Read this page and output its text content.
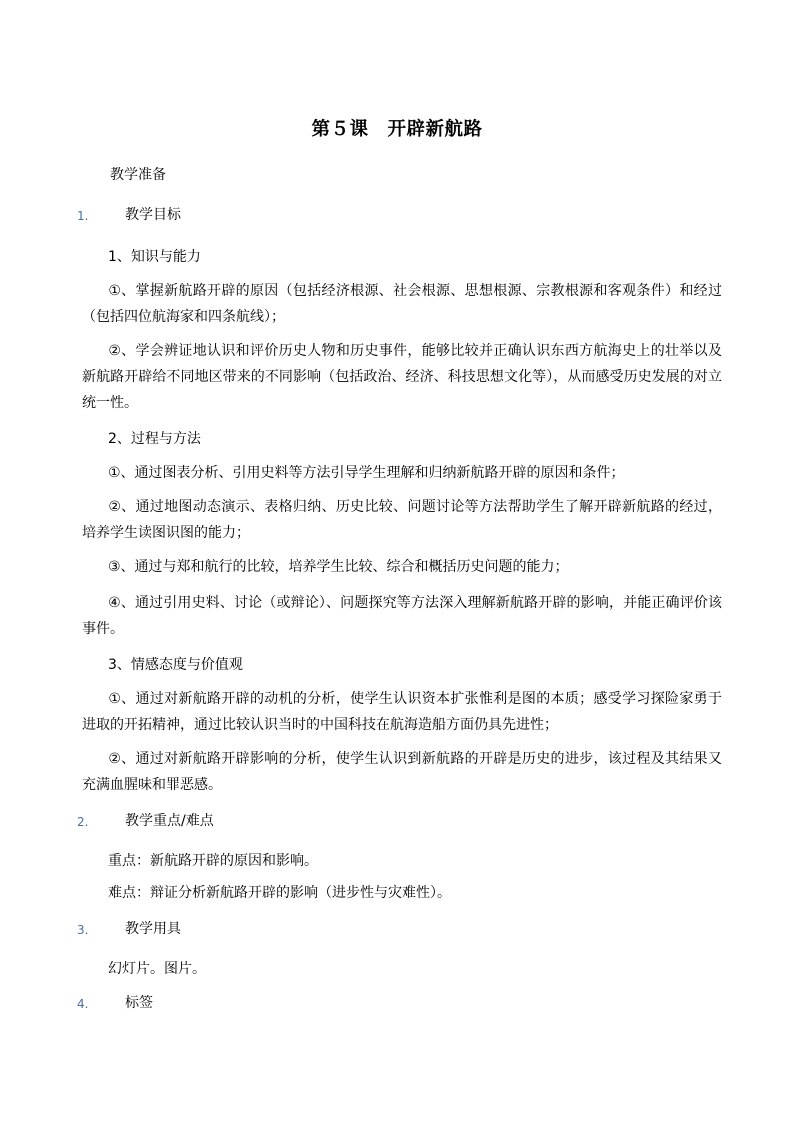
第５课　开辟新航路
教学准备
1.	教学目标
1、知识与能力
①、掌握新航路开辟的原因（包括经济根源、社会根源、思想根源、宗教根源和客观条件）和经过（包括四位航海家和四条航线）；
②、学会辨证地认识和评价历史人物和历史事件，能够比较并正确认识东西方航海史上的壮举以及新航路开辟给不同地区带来的不同影响（包括政治、经济、科技思想文化等），从而感受历史发展的对立统一性。
2、过程与方法
①、通过图表分析、引用史料等方法引导学生理解和归纳新航路开辟的原因和条件；
②、通过地图动态演示、表格归纳、历史比较、问题讨论等方法帮助学生了解开辟新航路的经过，培养学生读图识图的能力；
③、通过与郑和航行的比较，培养学生比较、综合和概括历史问题的能力；
④、通过引用史料、讨论（或辩论）、问题探究等方法深入理解新航路开辟的影响，并能正确评价该事件。
3、情感态度与价值观
①、通过对新航路开辟的动机的分析，使学生认识资本扩张惟利是图的本质；感受学习探险家勇于进取的开拓精神，通过比较认识当时的中国科技在航海造船方面仍具先进性；
②、通过对新航路开辟影响的分析，使学生认识到新航路的开辟是历史的进步，该过程及其结果又充满血腥味和罪恶感。
2.	教学重点/难点
重点：新航路开辟的原因和影响。
难点：辩证分析新航路开辟的影响（进步性与灾难性）。
3.	教学用具
幻灯片。图片。
4.	标签
